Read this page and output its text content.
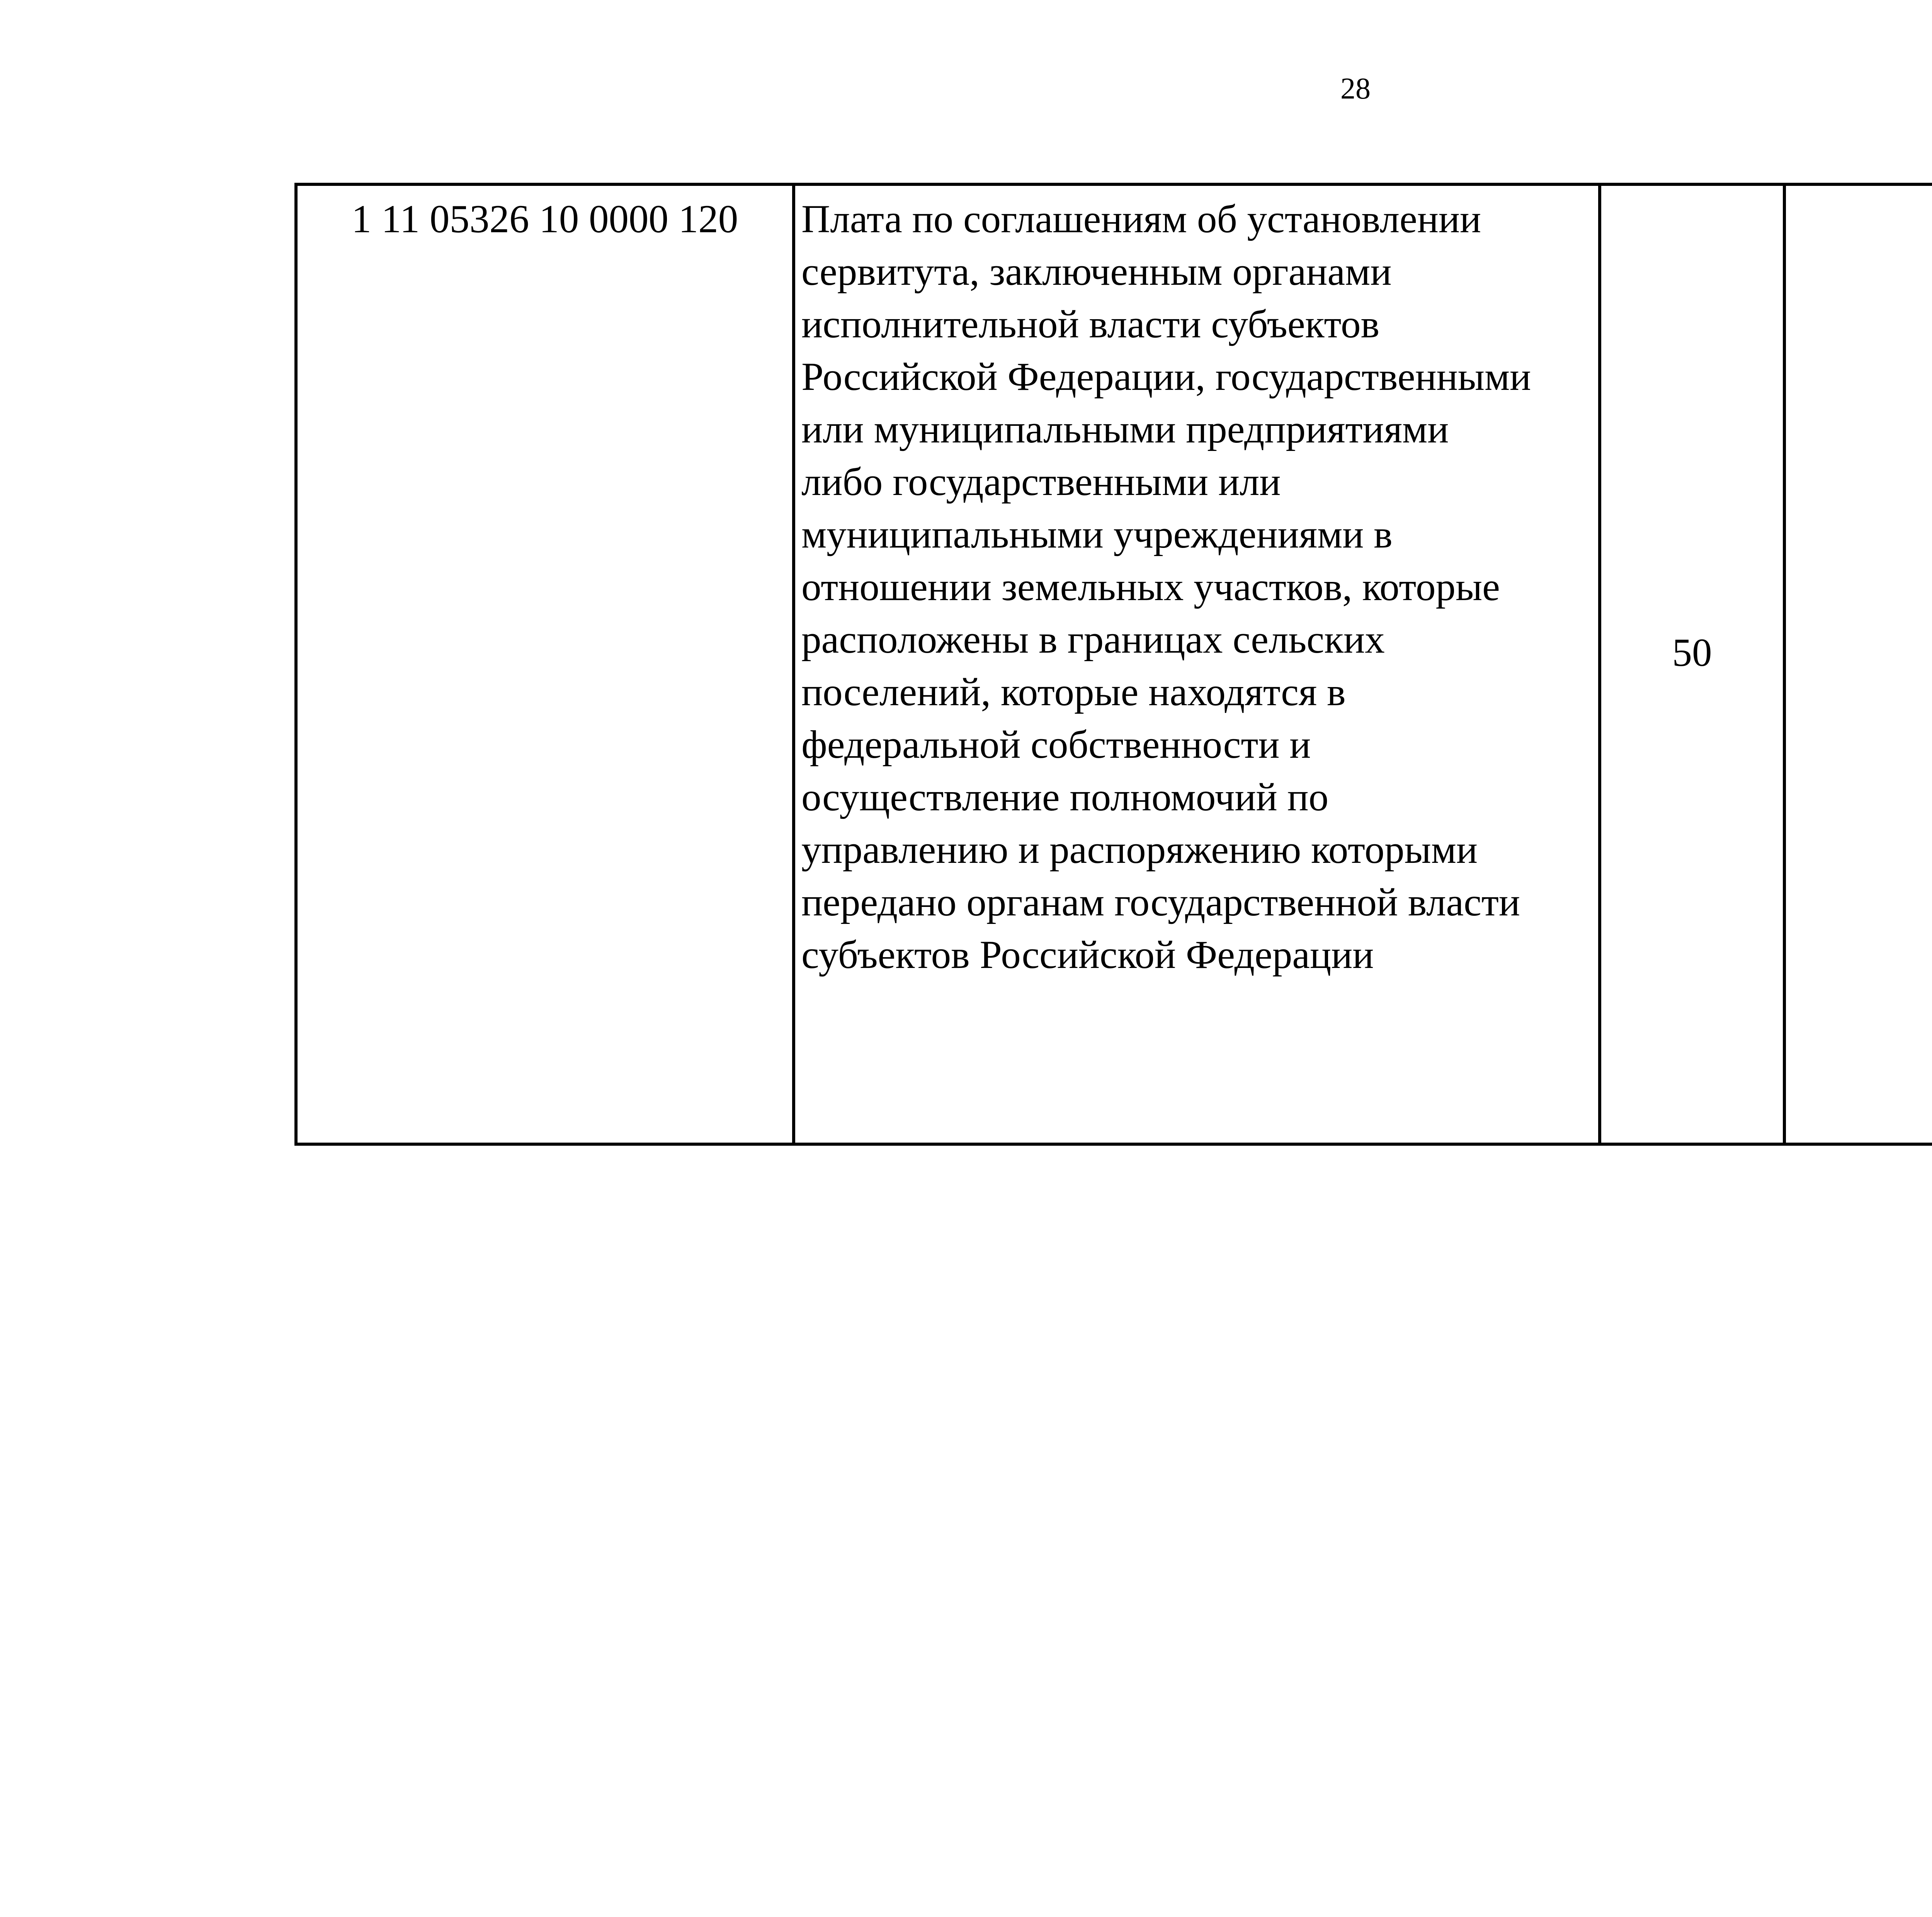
28
1 11 05326 10 0000 120	Плата по соглашениям об установлении
сервитута, заключенным органами
исполнительной власти субъектов
Российской Федерации, государственными
или муниципальными предприятиями
либо государственными или
муниципальными учреждениями в
отношении земельных участков, которые
расположены в границах сельских
поселений, которые находятся в
федеральной собственности и
осуществление полномочий по
управлению и распоряжению которыми
передано органам государственной власти
субъектов Российской Федерации	50				
